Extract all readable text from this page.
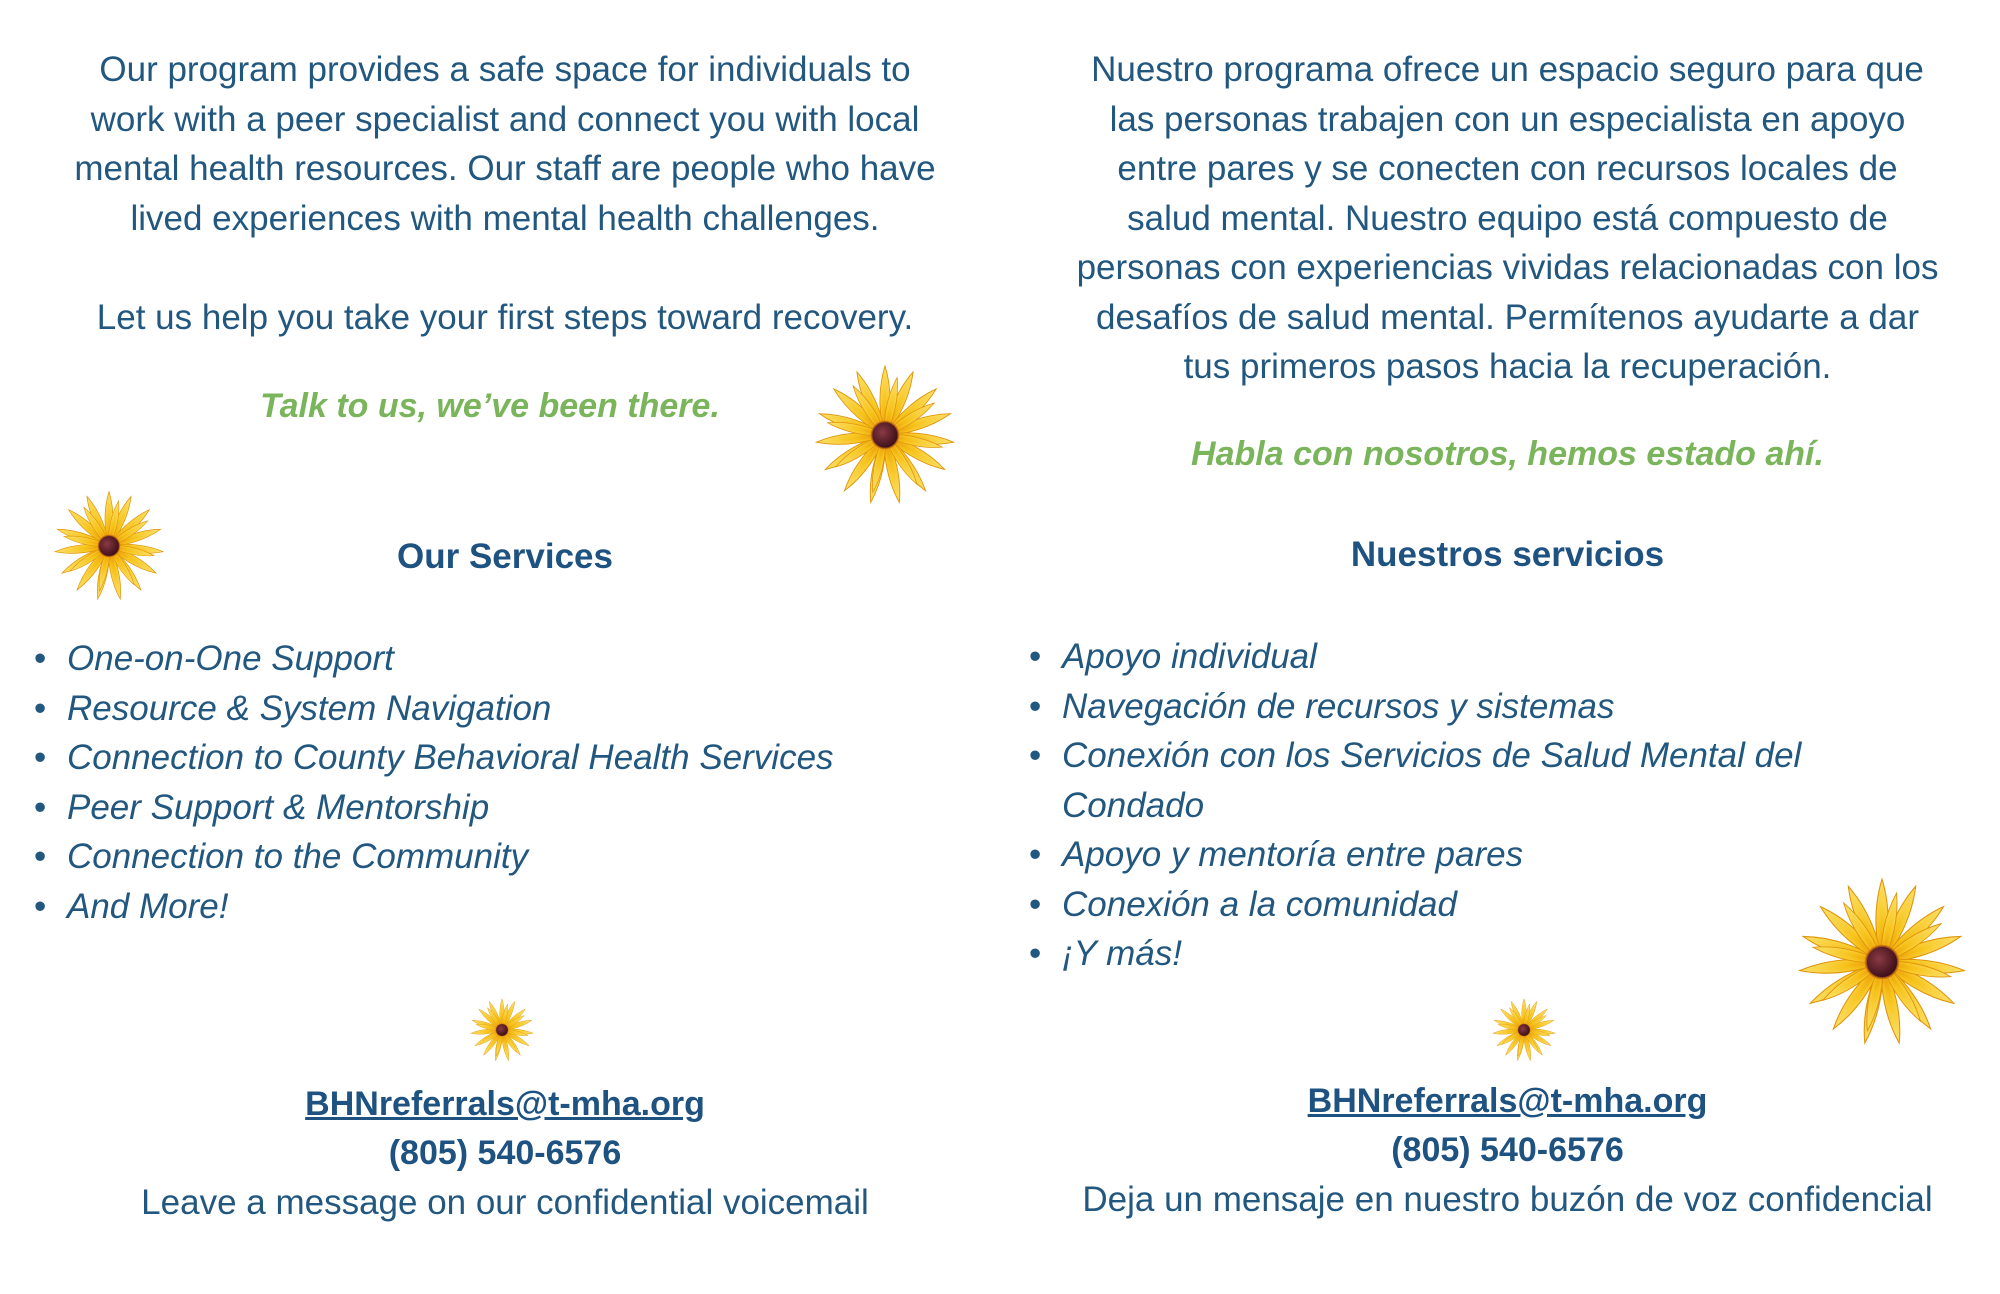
Our program provides a safe space for individuals to

work with a peer specialist and connect you with local

mental health resources. Our staff are people who have

lived experiences with mental health challenges.

Let us help you take your first steps toward recovery.

Talk to us, we’ve been there.
Our Services
• One-on-One Support
• Resource & System Navigation
• Connection to County Behavioral Health Services
• Peer Support & Mentorship
• Connection to the Community
• And More!
BHNreferrals@t-mha.org
(805) 540-6576
Leave a message on our confidential voicemail

Nuestro programa ofrece un espacio seguro para que

las personas trabajen con un especialista en apoyo

entre pares y se conecten con recursos locales de

salud mental. Nuestro equipo está compuesto de

personas con experiencias vividas relacionadas con los

desafíos de salud mental. Permítenos ayudarte a dar

tus primeros pasos hacia la recuperación.

Habla con nosotros, hemos estado ahí.
Nuestros servicios
• Apoyo individual
• Navegación de recursos y sistemas
• Conexión con los Servicios de Salud Mental del
Condado
• Apoyo y mentoría entre pares
• Conexión a la comunidad
• ¡Y más!
BHNreferrals@t-mha.org
(805) 540-6576
Deja un mensaje en nuestro buzón de voz confidencial
